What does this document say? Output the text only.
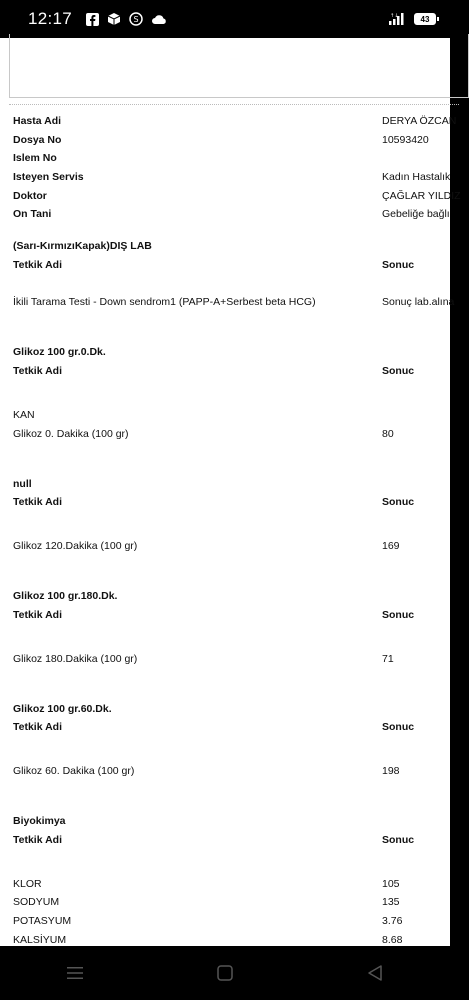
12:17	S	↑↓	43
Hasta Adi	DERYA ÖZCAN
Dosya No	10593420
Islem No
Isteyen Servis	Kadın Hastalık
Doktor	ÇAĞLAR YILDIZ
On Tani	Gebeliğe bağlı
(Sarı-KırmızıKapak)DIŞ LAB
Tetkik Adi	Sonuc
İkili Tarama Testi - Down sendrom1 (PAPP-A+Serbest beta HCG)	Sonuç lab.alına
Glikoz 100 gr.0.Dk.
Tetkik Adi	Sonuc
KAN
Glikoz 0. Dakika (100 gr)	80
null
Tetkik Adi	Sonuc
Glikoz 120.Dakika (100 gr)	169
Glikoz 100 gr.180.Dk.
Tetkik Adi	Sonuc
Glikoz 180.Dakika (100 gr)	71
Glikoz 100 gr.60.Dk.
Tetkik Adi	Sonuc
Glikoz 60. Dakika (100 gr)	198
Biyokimya
Tetkik Adi	Sonuc
KLOR	105
SODYUM	135
POTASYUM	3.76
KALSİYUM	8.68
